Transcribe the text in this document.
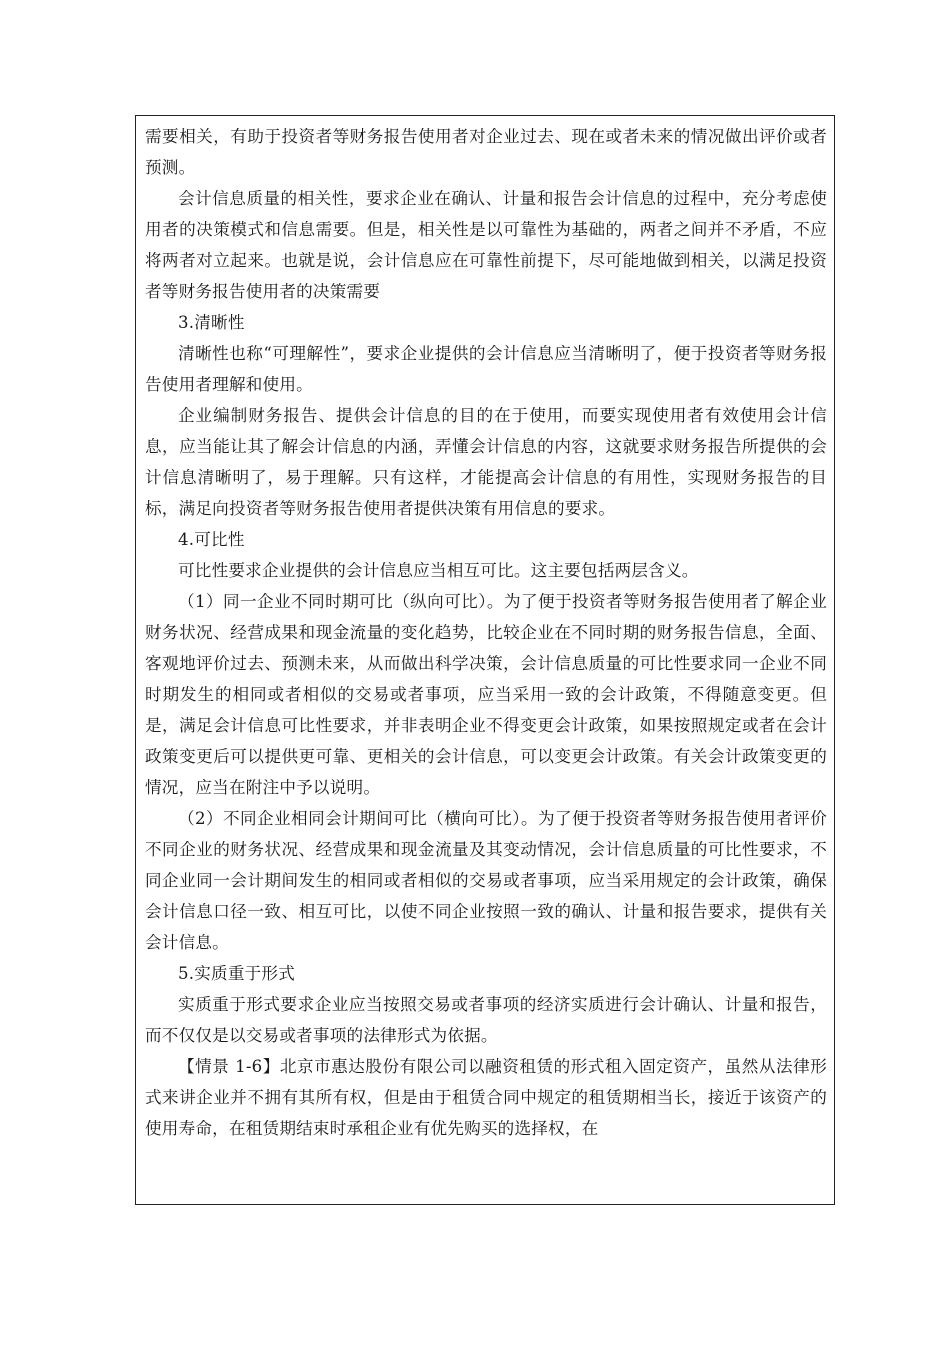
需要相关，有助于投资者等财务报告使用者对企业过去、现在或者未来的情况做出评价或者预测。

会计信息质量的相关性，要求企业在确认、计量和报告会计信息的过程中，充分考虑使用者的决策模式和信息需要。但是，相关性是以可靠性为基础的，两者之间并不矛盾，不应将两者对立起来。也就是说，会计信息应在可靠性前提下，尽可能地做到相关，以满足投资者等财务报告使用者的决策需要

3.清晰性

清晰性也称“可理解性”，要求企业提供的会计信息应当清晰明了，便于投资者等财务报告使用者理解和使用。

企业编制财务报告、提供会计信息的目的在于使用，而要实现使用者有效使用会计信息，应当能让其了解会计信息的内涵，弄懂会计信息的内容，这就要求财务报告所提供的会计信息清晰明了，易于理解。只有这样，才能提高会计信息的有用性，实现财务报告的目标，满足向投资者等财务报告使用者提供决策有用信息的要求。

4.可比性

可比性要求企业提供的会计信息应当相互可比。这主要包括两层含义。

（1）同一企业不同时期可比（纵向可比）。为了便于投资者等财务报告使用者了解企业财务状况、经营成果和现金流量的变化趋势，比较企业在不同时期的财务报告信息，全面、客观地评价过去、预测未来，从而做出科学决策，会计信息质量的可比性要求同一企业不同时期发生的相同或者相似的交易或者事项，应当采用一致的会计政策，不得随意变更。但是，满足会计信息可比性要求，并非表明企业不得变更会计政策，如果按照规定或者在会计政策变更后可以提供更可靠、更相关的会计信息，可以变更会计政策。有关会计政策变更的情况，应当在附注中予以说明。

（2）不同企业相同会计期间可比（横向可比）。为了便于投资者等财务报告使用者评价不同企业的财务状况、经营成果和现金流量及其变动情况，会计信息质量的可比性要求，不同企业同一会计期间发生的相同或者相似的交易或者事项，应当采用规定的会计政策，确保会计信息口径一致、相互可比，以使不同企业按照一致的确认、计量和报告要求，提供有关会计信息。

5.实质重于形式

实质重于形式要求企业应当按照交易或者事项的经济实质进行会计确认、计量和报告，而不仅仅是以交易或者事项的法律形式为依据。

【情景 1-6】北京市惠达股份有限公司以融资租赁的形式租入固定资产，虽然从法律形式来讲企业并不拥有其所有权，但是由于租赁合同中规定的租赁期相当长，接近于该资产的使用寿命，在租赁期结束时承租企业有优先购买的选择权，在
